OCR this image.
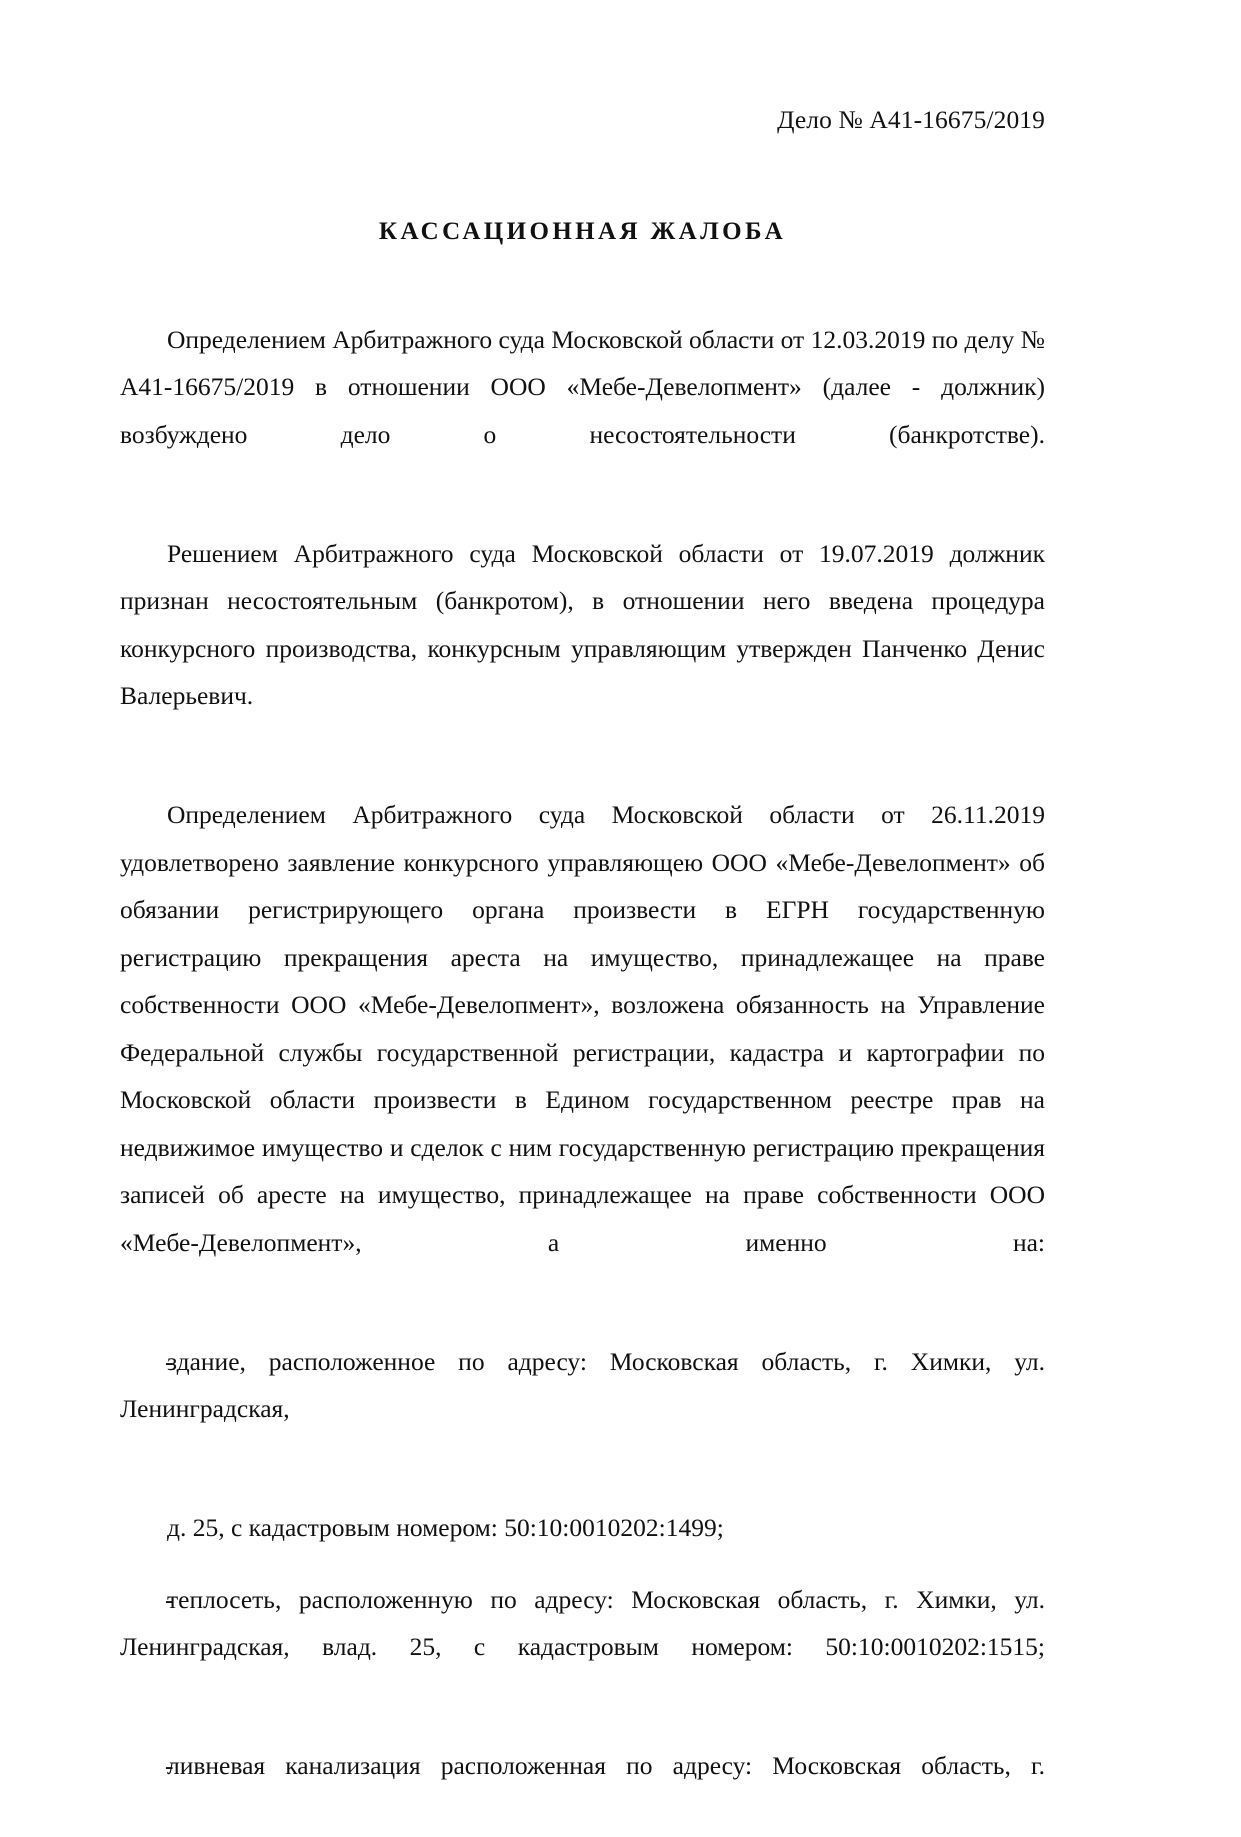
Дело № А41-16675/2019
КАССАЦИОННАЯ ЖАЛОБА

Определением Арбитражного суда Московской области от 12.03.2019 по делу № А41-16675/2019 в отношении ООО «Мебе-Девелопмент» (далее - должник) возбуждено дело о несостоятельности (банкротстве).

Решением Арбитражного суда Московской области от 19.07.2019 должник признан несостоятельным (банкротом), в отношении него введена процедура конкурсного производства, конкурсным управляющим утвержден Панченко Денис Валерьевич.

Определением Арбитражного суда Московской области от 26.11.2019 удовлетворено заявление конкурсного управляющею ООО «Мебе-Девелопмент» об обязании регистрирующего органа произвести в ЕГРН государственную регистрацию прекращения ареста на имущество, принадлежащее на праве собственности ООО «Мебе-Девелопмент», возложена обязанность на Управление Федеральной службы государственной регистрации, кадастра и картографии по Московской области произвести в Едином государственном реестре прав на недвижимое имущество и сделок с ним государственную регистрацию прекращения записей об аресте на имущество, принадлежащее на праве собственности ООО «Мебе-Девелопмент», а именно на:

-здание, расположенное по адресу: Московская область, г. Химки, ул. Ленинградская,

д. 25, с кадастровым номером: 50:10:0010202:1499;

-теплосеть, расположенную по адресу: Московская область, г. Химки, ул. Ленинградская, влад. 25, с кадастровым номером: 50:10:0010202:1515;

-ливневая канализация расположенная по адресу: Московская область, г.
